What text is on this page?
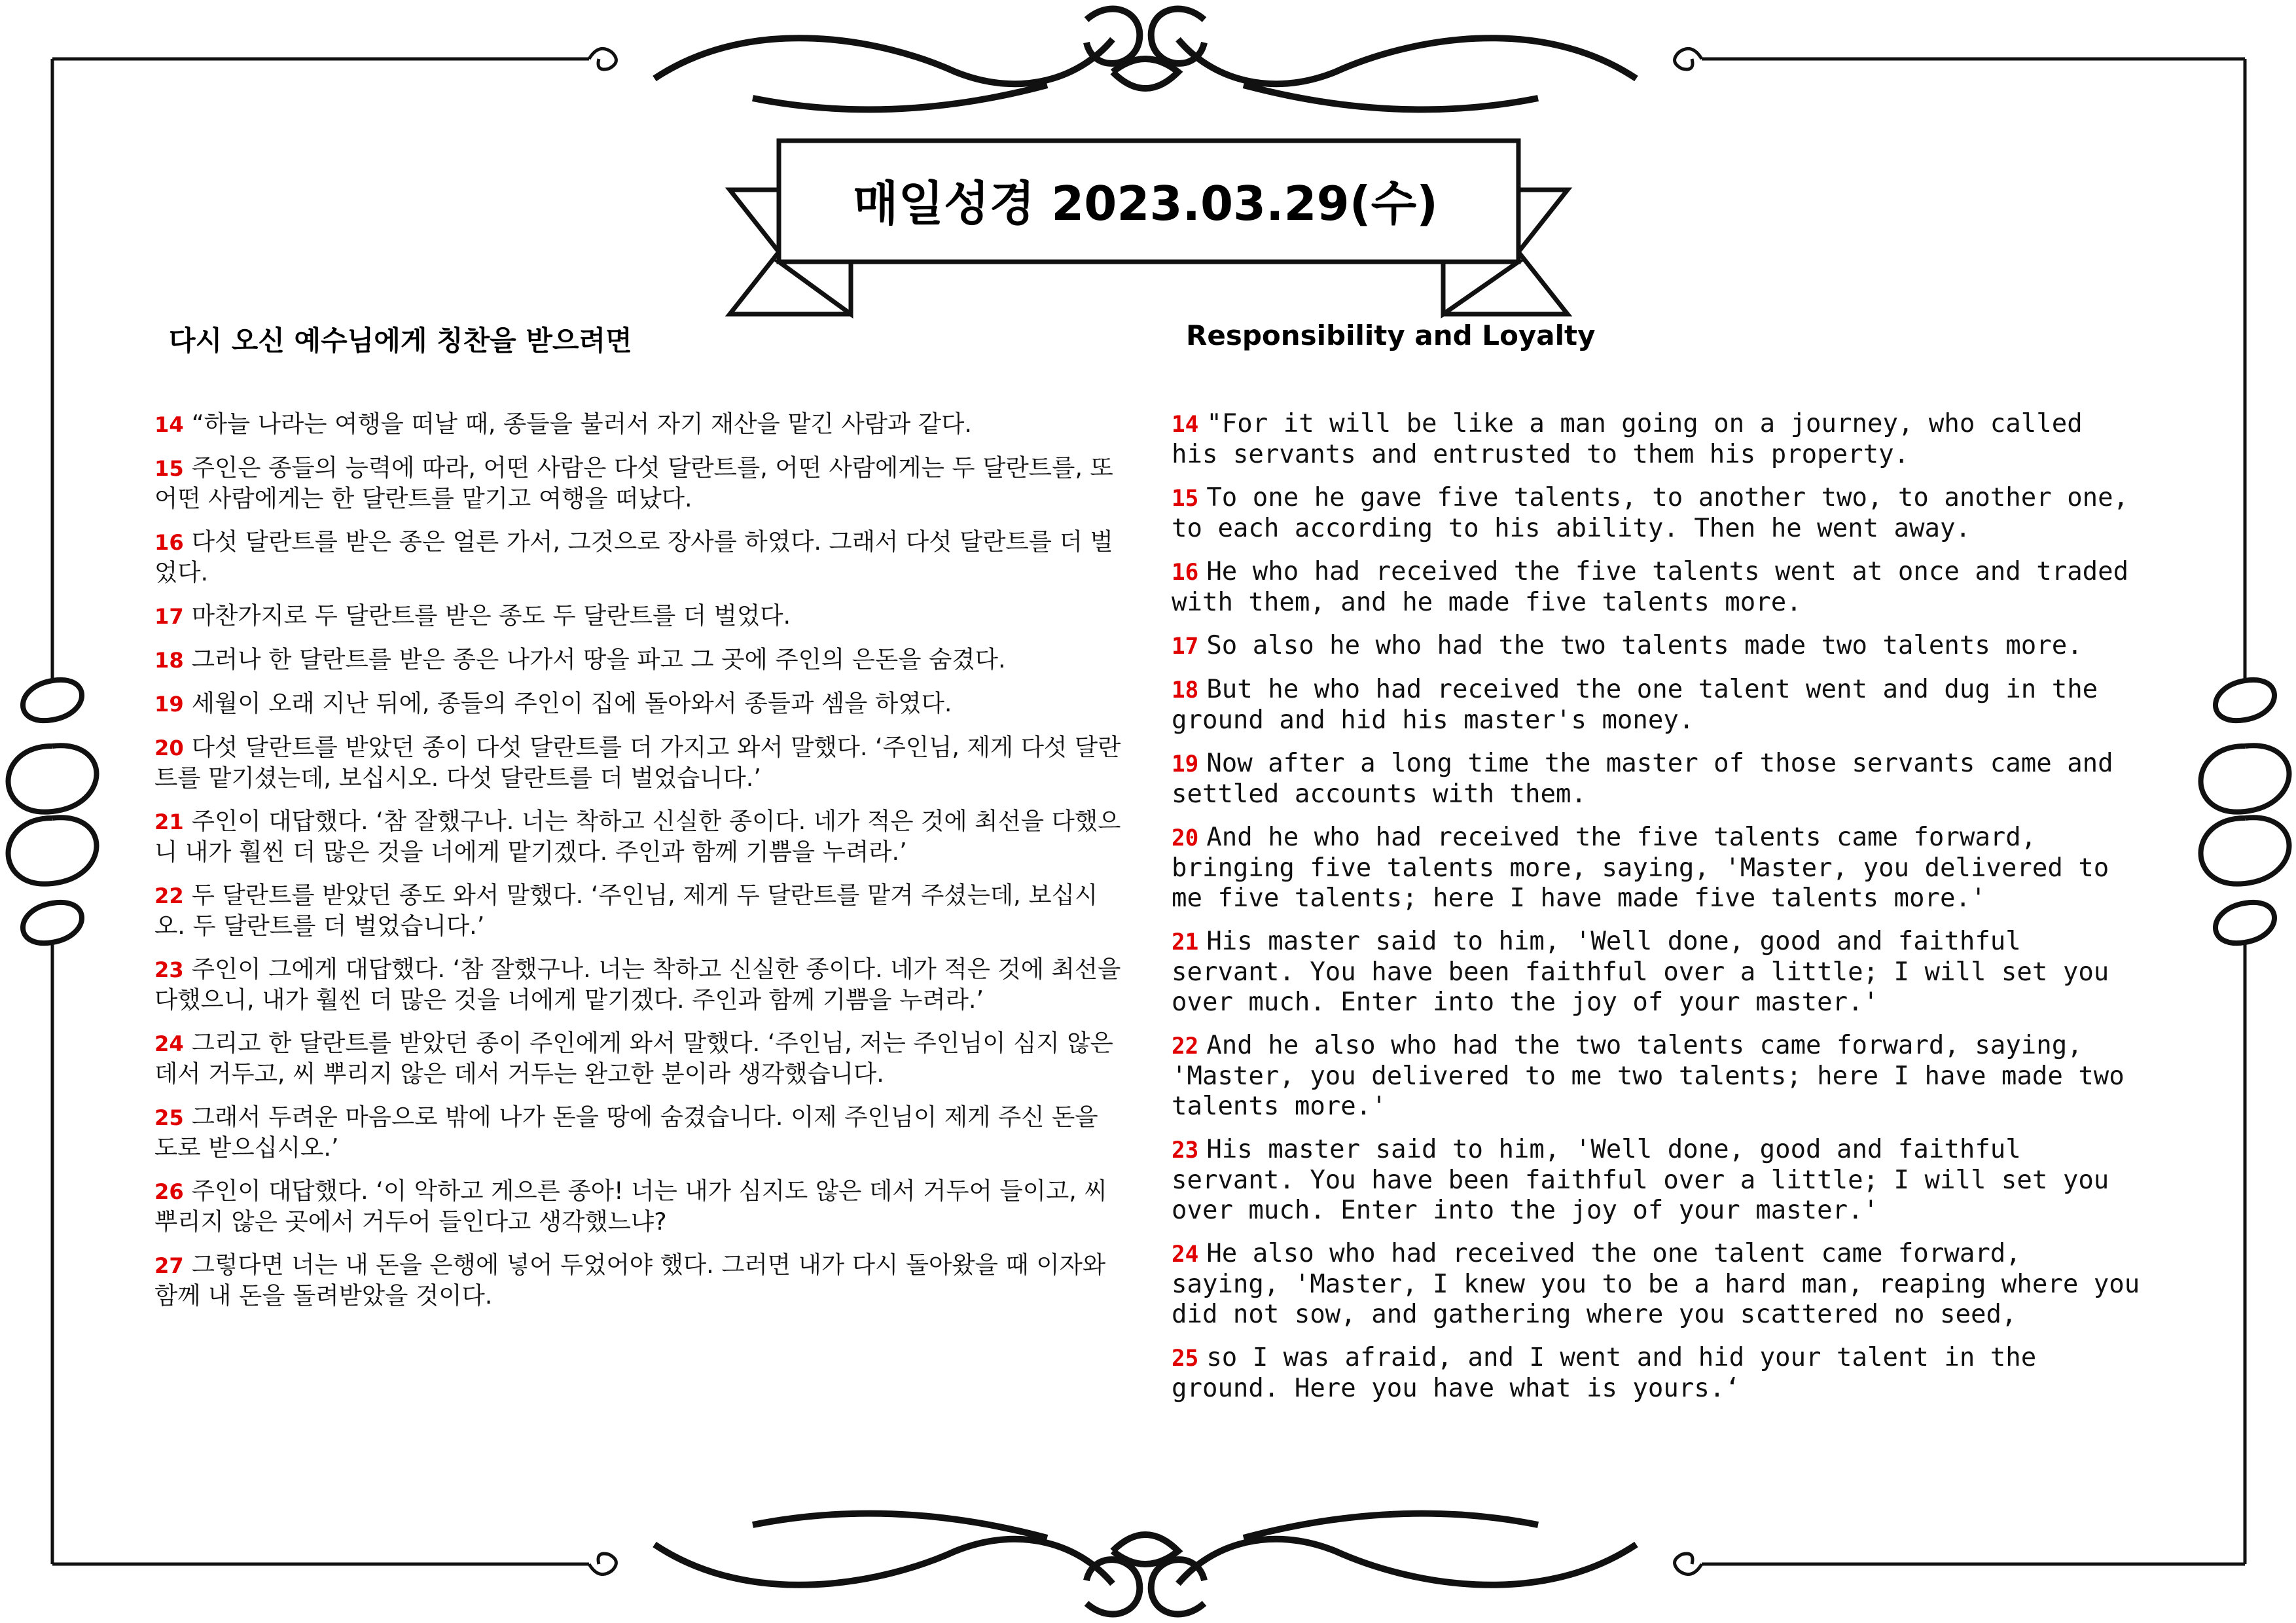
매일성경 2023.03.29(수)
다시 오신 예수님에게 칭찬을 받으려면	Responsibility and Loyalty
14 “하늘 나라는 여행을 떠날 때, 종들을 불러서 자기 재산을 맡긴 사람과 같다.
15 주인은 종들의 능력에 따라, 어떤 사람은 다섯 달란트를, 어떤 사람에게는 두 달란트를, 또 어떤 사람에게는 한 달란트를 맡기고 여행을 떠났다.
16 다섯 달란트를 받은 종은 얼른 가서, 그것으로 장사를 하였다. 그래서 다섯 달란트를 더 벌었다.
17 마찬가지로 두 달란트를 받은 종도 두 달란트를 더 벌었다.
18 그러나 한 달란트를 받은 종은 나가서 땅을 파고 그 곳에 주인의 은돈을 숨겼다.
19 세월이 오래 지난 뒤에, 종들의 주인이 집에 돌아와서 종들과 셈을 하였다.
20 다섯 달란트를 받았던 종이 다섯 달란트를 더 가지고 와서 말했다. ‘주인님, 제게 다섯 달란트를 맡기셨는데, 보십시오. 다섯 달란트를 더 벌었습니다.’
21 주인이 대답했다. ‘참 잘했구나. 너는 착하고 신실한 종이다. 네가 적은 것에 최선을 다했으니 내가 훨씬 더 많은 것을 너에게 맡기겠다. 주인과 함께 기쁨을 누려라.’
22 두 달란트를 받았던 종도 와서 말했다. ‘주인님, 제게 두 달란트를 맡겨 주셨는데, 보십시오. 두 달란트를 더 벌었습니다.’
23 주인이 그에게 대답했다. ‘참 잘했구나. 너는 착하고 신실한 종이다. 네가 적은 것에 최선을 다했으니, 내가 훨씬 더 많은 것을 너에게 맡기겠다. 주인과 함께 기쁨을 누려라.’
24 그리고 한 달란트를 받았던 종이 주인에게 와서 말했다. ‘주인님, 저는 주인님이 심지 않은 데서 거두고, 씨 뿌리지 않은 데서 거두는 완고한 분이라 생각했습니다.
25 그래서 두려운 마음으로 밖에 나가 돈을 땅에 숨겼습니다. 이제 주인님이 제게 주신 돈을 도로 받으십시오.’
26 주인이 대답했다. ‘이 악하고 게으른 종아! 너는 내가 심지도 않은 데서 거두어 들이고, 씨 뿌리지 않은 곳에서 거두어 들인다고 생각했느냐?
27 그렇다면 너는 내 돈을 은행에 넣어 두었어야 했다. 그러면 내가 다시 돌아왔을 때 이자와 함께 내 돈을 돌려받았을 것이다.
14 "For it will be like a man going on a journey, who called his servants and entrusted to them his property.
15 To one he gave five talents, to another two, to another one, to each according to his ability. Then he went away.
16 He who had received the five talents went at once and traded with them, and he made five talents more.
17 So also he who had the two talents made two talents more.
18 But he who had received the one talent went and dug in the ground and hid his master's money.
19 Now after a long time the master of those servants came and settled accounts with them.
20 And he who had received the five talents came forward, bringing five talents more, saying, 'Master, you delivered to me five talents; here I have made five talents more.'
21 His master said to him, 'Well done, good and faithful servant. You have been faithful over a little; I will set you over much. Enter into the joy of your master.'
22 And he also who had the two talents came forward, saying, 'Master, you delivered to me two talents; here I have made two talents more.'
23 His master said to him, 'Well done, good and faithful servant. You have been faithful over a little; I will set you over much. Enter into the joy of your master.'
24 He also who had received the one talent came forward, saying, 'Master, I knew you to be a hard man, reaping where you did not sow, and gathering where you scattered no seed,
25 so I was afraid, and I went and hid your talent in the ground. Here you have what is yours.‘
